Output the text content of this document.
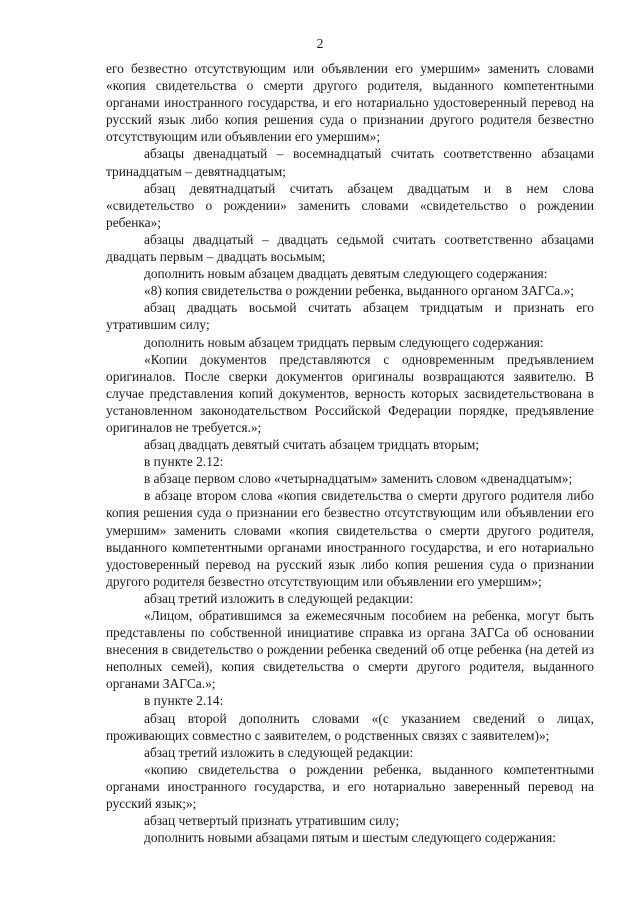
2

его безвестно отсутствующим или объявлении его умершим» заменить словами «копия свидетельства о смерти другого родителя, выданного компетентными органами иностранного государства, и его нотариально удостоверенный перевод на русский язык либо копия решения суда о признании другого родителя безвестно отсутствующим или объявлении его умершим»;

абзацы двенадцатый – восемнадцатый считать соответственно абзацами тринадцатым – девятнадцатым;

абзац девятнадцатый считать абзацем двадцатым и в нем слова «свидетельство о рождении» заменить словами «свидетельство о рождении ребенка»;

абзацы двадцатый – двадцать седьмой считать соответственно абзацами двадцать первым – двадцать восьмым;

дополнить новым абзацем двадцать девятым следующего содержания:

«8) копия свидетельства о рождении ребенка, выданного органом ЗАГСа.»;

абзац двадцать восьмой считать абзацем тридцатым и признать его утратившим силу;

дополнить новым абзацем тридцать первым следующего содержания:

«Копии документов представляются с одновременным предъявлением оригиналов. После сверки документов оригиналы возвращаются заявителю. В случае представления копий документов, верность которых засвидетельствована в установленном законодательством Российской Федерации порядке, предъявление оригиналов не требуется.»;

абзац двадцать девятый считать абзацем тридцать вторым;

в пункте 2.12:

в абзаце первом слово «четырнадцатым» заменить словом «двенадцатым»;

в абзаце втором слова «копия свидетельства о смерти другого родителя либо копия решения суда о признании его безвестно отсутствующим или объявлении его умершим» заменить словами «копия свидетельства о смерти другого родителя, выданного компетентными органами иностранного государства, и его нотариально удостоверенный перевод на русский язык либо копия решения суда о признании другого родителя безвестно отсутствующим или объявлении его умершим»;

абзац третий изложить в следующей редакции:

«Лицом, обратившимся за ежемесячным пособием на ребенка, могут быть представлены по собственной инициативе справка из органа ЗАГСа об основании внесения в свидетельство о рождении ребенка сведений об отце ребенка (на детей из неполных семей), копия свидетельства о смерти другого родителя, выданного органами ЗАГСа.»;

в пункте 2.14:

абзац второй дополнить словами «(с указанием сведений о лицах, проживающих совместно с заявителем, о родственных связях с заявителем)»;

абзац третий изложить в следующей редакции:

«копию свидетельства о рождении ребенка, выданного компетентными органами иностранного государства, и его нотариально заверенный перевод на русский язык;»;

абзац четвертый признать утратившим силу;

дополнить новыми абзацами пятым и шестым следующего содержания:
